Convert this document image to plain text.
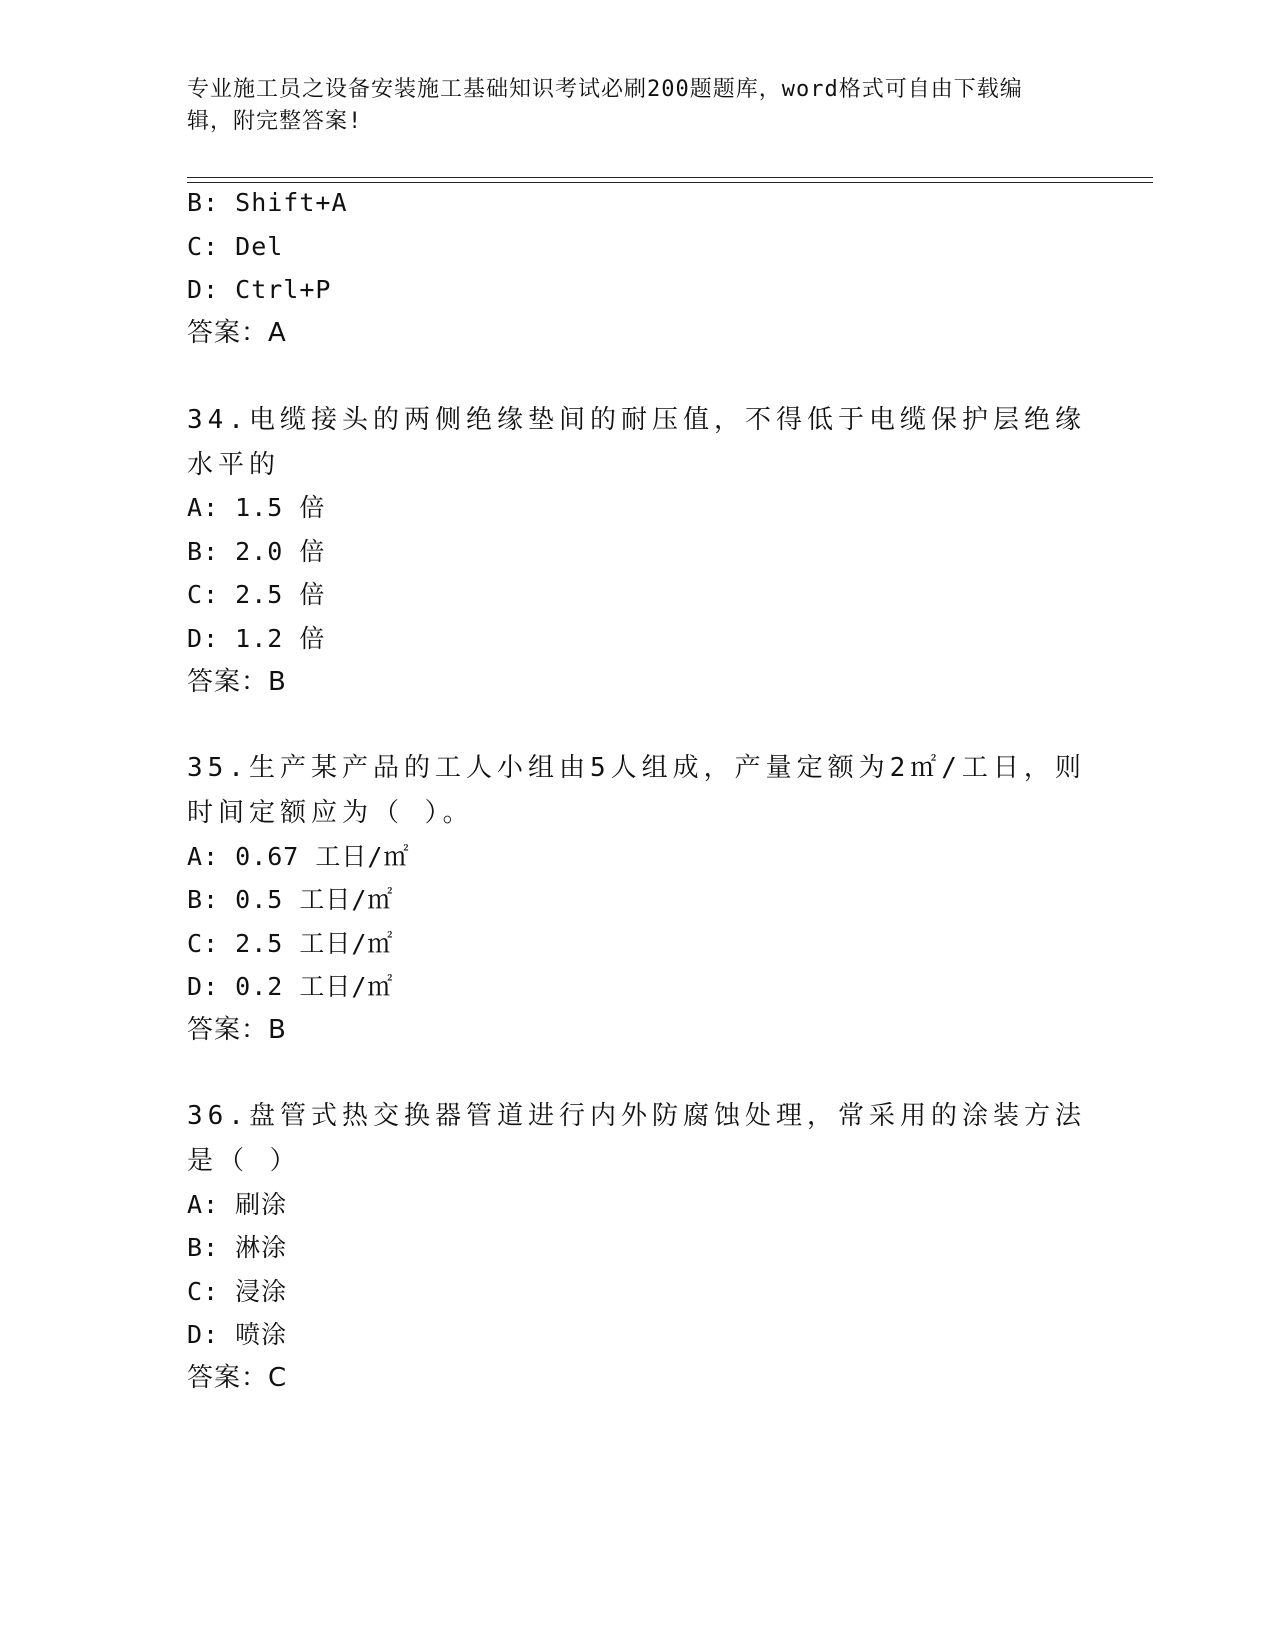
专业施工员之设备安装施工基础知识考试必刷200题题库，word格式可自由下载编辑，附完整答案!
B: Shift+A
C: Del
D: Ctrl+P
答案：A
34.电缆接头的两侧绝缘垫间的耐压值，不得低于电缆保护层绝缘水平的
A: 1.5 倍
B: 2.0 倍
C: 2.5 倍
D: 1.2 倍
答案：B
35.生产某产品的工人小组由5人组成，产量定额为2㎡/工日，则时间定额应为（ ）。
A: 0.67 工日/㎡
B: 0.5 工日/㎡
C: 2.5 工日/㎡
D: 0.2 工日/㎡
答案：B
36.盘管式热交换器管道进行内外防腐蚀处理，常采用的涂装方法是（ ）
A: 刷涂
B: 淋涂
C: 浸涂
D: 喷涂
答案：C
